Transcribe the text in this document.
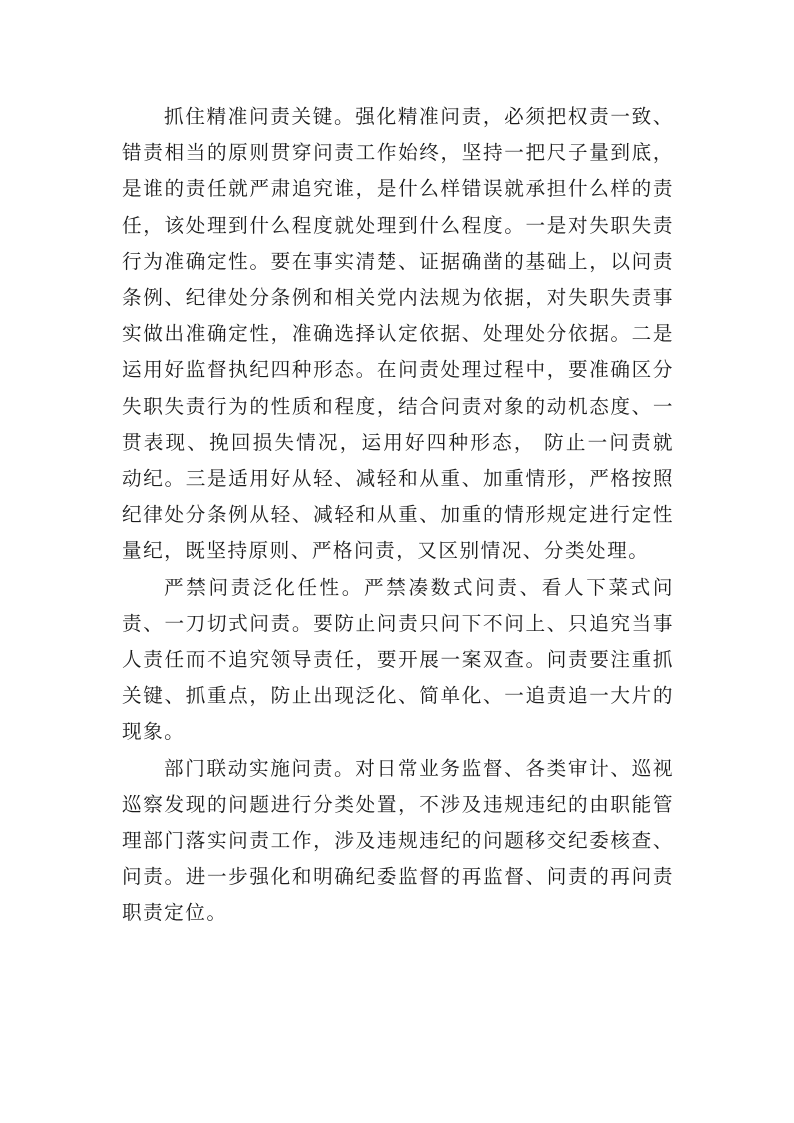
抓住精准问责关键。强化精准问责，必须把权责一致、错责相当的原则贯穿问责工作始终，坚持一把尺子量到底，是谁的责任就严肃追究谁，是什么样错误就承担什么样的责任，该处理到什么程度就处理到什么程度。一是对失职失责行为准确定性。要在事实清楚、证据确凿的基础上，以问责条例、纪律处分条例和相关党内法规为依据，对失职失责事实做出准确定性，准确选择认定依据、处理处分依据。二是运用好监督执纪四种形态。在问责处理过程中，要准确区分失职失责行为的性质和程度，结合问责对象的动机态度、一贯表现、挽回损失情况，运用好四种形态， 防止一问责就动纪。三是适用好从轻、减轻和从重、加重情形，严格按照纪律处分条例从轻、减轻和从重、加重的情形规定进行定性量纪，既坚持原则、严格问责，又区别情况、分类处理。

严禁问责泛化任性。严禁凑数式问责、看人下菜式问责、一刀切式问责。要防止问责只问下不问上、只追究当事人责任而不追究领导责任，要开展一案双查。问责要注重抓关键、抓重点，防止出现泛化、简单化、一追责追一大片的现象。

部门联动实施问责。对日常业务监督、各类审计、巡视巡察发现的问题进行分类处置，不涉及违规违纪的由职能管理部门落实问责工作，涉及违规违纪的问题移交纪委核查、问责。进一步强化和明确纪委监督的再监督、问责的再问责职责定位。
